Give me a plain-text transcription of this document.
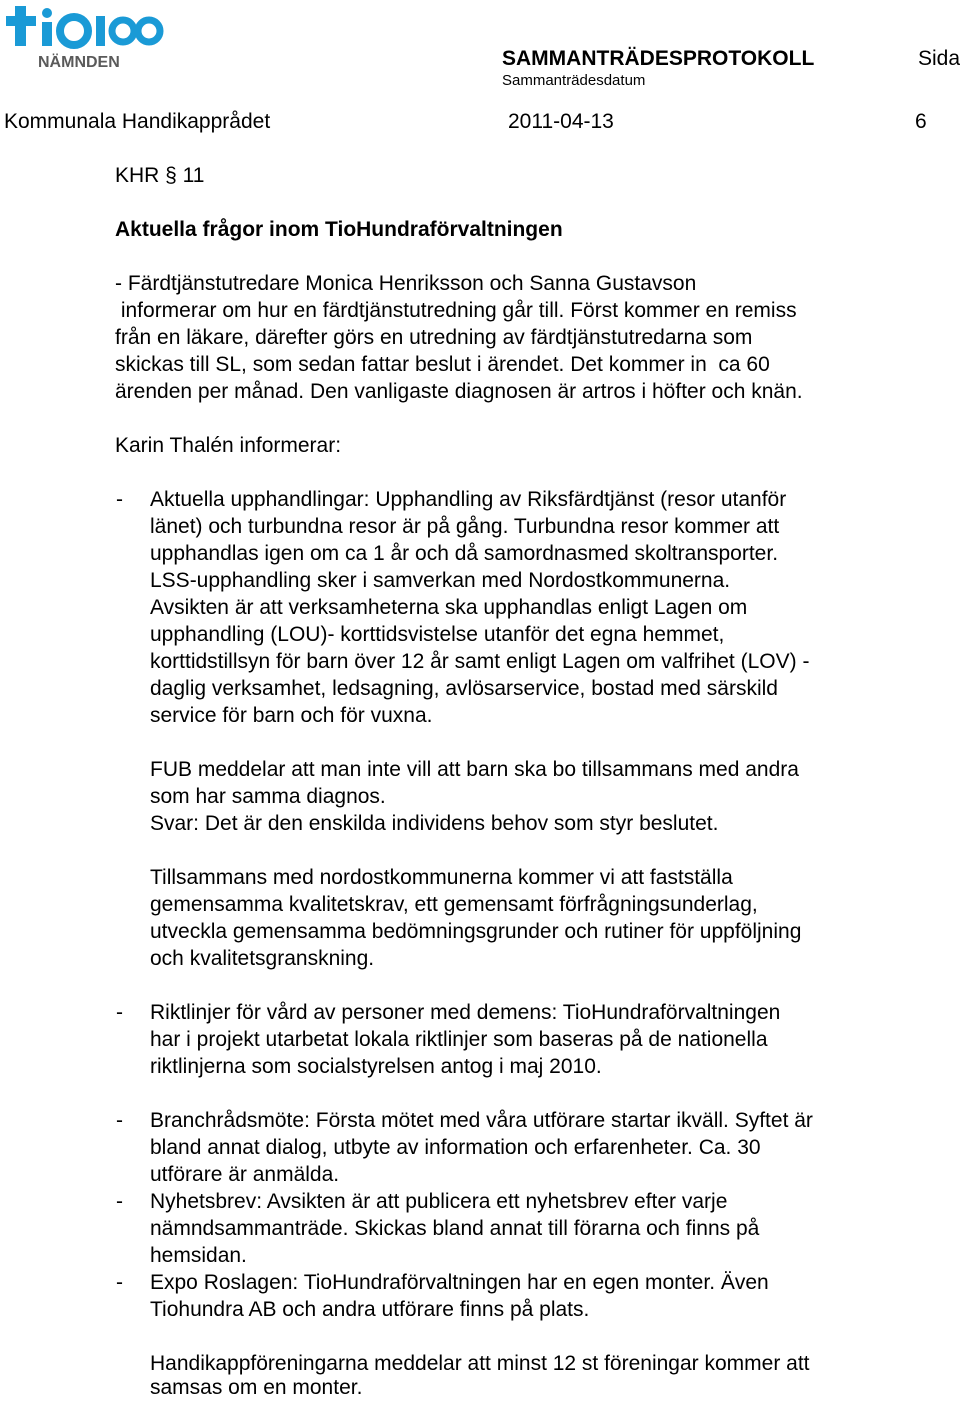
NÄMNDEN	SAMMANTRÄDESPROTOKOLL
Sammanträdesdatum
Sida
Kommunala Handikapprådet	2011-04-13	6
KHR § 11
Aktuella frågor inom TioHundraförvaltningen
- Färdtjänstutredare Monica Henriksson och Sanna Gustavson
informerar om hur en färdtjänstutredning går till. Först kommer en remiss
från en läkare, därefter görs en utredning av färdtjänstutredarna som
skickas till SL, som sedan fattar beslut i ärendet. Det kommer in  ca 60
ärenden per månad. Den vanligaste diagnosen är artros i höfter och knän.
Karin Thalén informerar:
- Aktuella upphandlingar: Upphandling av Riksfärdtjänst (resor utanför
länet) och turbundna resor är på gång. Turbundna resor kommer att
upphandlas igen om ca 1 år och då samordnasmed skoltransporter.
LSS-upphandling sker i samverkan med Nordostkommunerna.
Avsikten är att verksamheterna ska upphandlas enligt Lagen om
upphandling (LOU)- korttidsvistelse utanför det egna hemmet,
korttidstillsyn för barn över 12 år samt enligt Lagen om valfrihet (LOV) -
daglig verksamhet, ledsagning, avlösarservice, bostad med särskild
service för barn och för vuxna.
FUB meddelar att man inte vill att barn ska bo tillsammans med andra
som har samma diagnos.
Svar: Det är den enskilda individens behov som styr beslutet.
Tillsammans med nordostkommunerna kommer vi att fastställa
gemensamma kvalitetskrav, ett gemensamt förfrågningsunderlag,
utveckla gemensamma bedömningsgrunder och rutiner för uppföljning
och kvalitetsgranskning.
- Riktlinjer för vård av personer med demens: TioHundraförvaltningen
har i projekt utarbetat lokala riktlinjer som baseras på de nationella
riktlinjerna som socialstyrelsen antog i maj 2010.
- Branchrådsmöte: Första mötet med våra utförare startar ikväll. Syftet är
bland annat dialog, utbyte av information och erfarenheter. Ca. 30
utförare är anmälda.
- Nyhetsbrev: Avsikten är att publicera ett nyhetsbrev efter varje
nämndsammanträde. Skickas bland annat till förarna och finns på
hemsidan.
- Expo Roslagen: TioHundraförvaltningen har en egen monter. Även
Tiohundra AB och andra utförare finns på plats.
Handikappföreningarna meddelar att minst 12 st föreningar kommer att
samsas om en monter.
